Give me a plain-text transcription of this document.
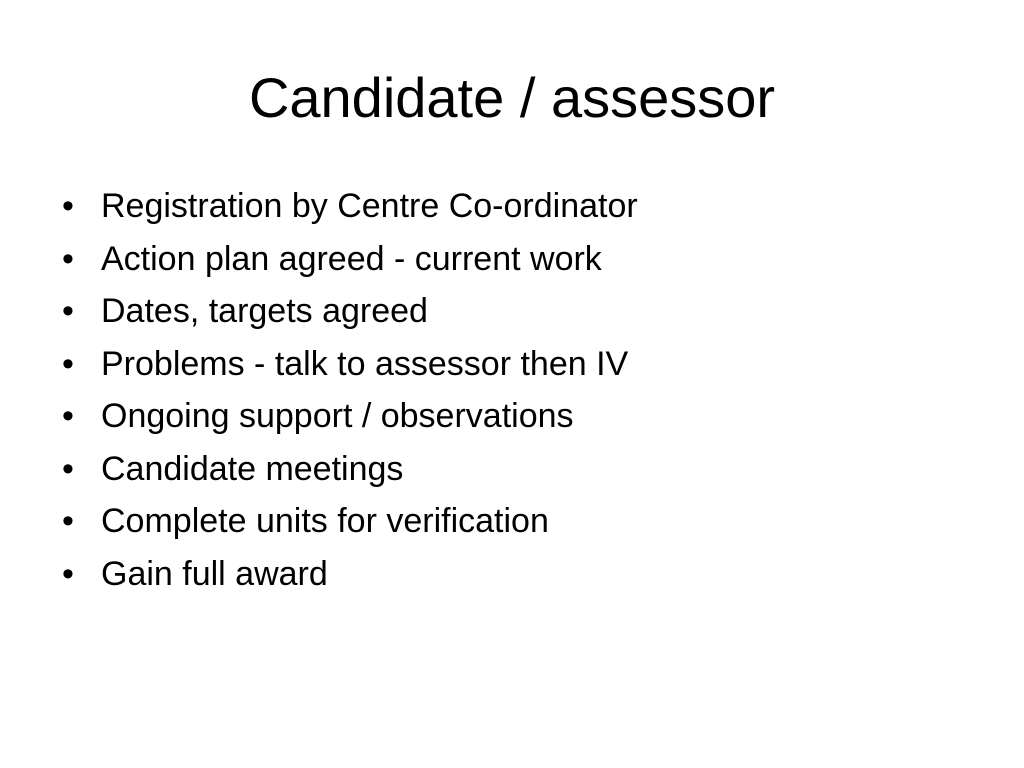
Candidate / assessor
• Registration by Centre Co-ordinator
• Action plan agreed - current work
• Dates, targets agreed
• Problems - talk to assessor then IV
• Ongoing support / observations
• Candidate meetings
• Complete units for verification
• Gain full award
